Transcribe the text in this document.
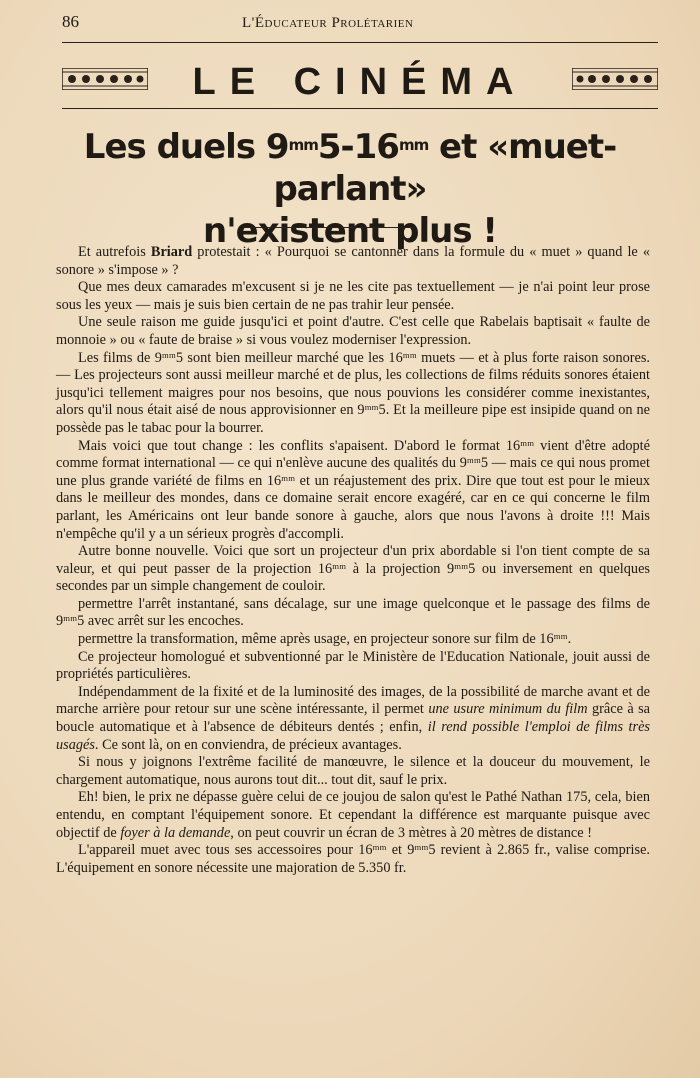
86	L'Éducateur Prolétarien
LE CINÉMA
Les duels $9^{mm}5-16^{mm}$ et «muet-parlant»
n'existent plus !

Et autrefois Briard protestait : « Pourquoi se cantonner dans la formule du « muet » quand le « sonore » s'impose » ?

Que mes deux camarades m'excusent si je ne les cite pas textuellement — je n'ai point leur prose sous les yeux — mais je suis bien certain de ne pas trahir leur pensée.

Une seule raison me guide jusqu'ici et point d'autre. C'est celle que Rabelais baptisait « faulte de monnoie » ou « faute de braise » si vous voulez moderniser l'expression.

Les films de 9ᵐᵐ5 sont bien meilleur marché que les 16ᵐᵐ muets — et à plus forte raison sonores. — Les projecteurs sont aussi meilleur marché et de plus, les collections de films réduits sonores étaient jusqu'ici tellement maigres pour nos besoins, que nous pouvions les considérer comme inexistantes, alors qu'il nous était aisé de nous approvisionner en 9ᵐᵐ5. Et la meilleure pipe est insipide quand on ne possède pas le tabac pour la bourrer.

Mais voici que tout change : les conflits s'apaisent. D'abord le format 16ᵐᵐ vient d'être adopté comme format international — ce qui n'enlève aucune des qualités du 9ᵐᵐ5 — mais ce qui nous promet une plus grande variété de films en 16ᵐᵐ et un réajustement des prix. Dire que tout est pour le mieux dans le meilleur des mondes, dans ce domaine serait encore exagéré, car en ce qui concerne le film parlant, les Américains ont leur bande sonore à gauche, alors que nous l'avons à droite !!! Mais n'empêche qu'il y a un sérieux progrès d'accompli.

Autre bonne nouvelle. Voici que sort un projecteur d'un prix abordable si l'on tient compte de sa valeur, et qui peut passer de la projection 16ᵐᵐ à la projection 9ᵐᵐ5 ou inversement en quelques secondes par un simple changement de couloir.

permettre l'arrêt instantané, sans décalage, sur une image quelconque et le passage des films de 9ᵐᵐ5 avec arrêt sur les encoches.

permettre la transformation, même après usage, en projecteur sonore sur film de 16ᵐᵐ.

Ce projecteur homologué et subventionné par le Ministère de l'Education Nationale, jouit aussi de propriétés particulières.

Indépendamment de la fixité et de la luminosité des images, de la possibilité de marche avant et de marche arrière pour retour sur une scène intéressante, il permet une usure minimum du film grâce à sa boucle automatique et à l'absence de débiteurs dentés ; enfin, il rend possible l'emploi de films très usagés. Ce sont là, on en conviendra, de précieux avantages.

Si nous y joignons l'extrême facilité de manœuvre, le silence et la douceur du mouvement, le chargement automatique, nous aurons tout dit... tout dit, sauf le prix.

Eh! bien, le prix ne dépasse guère celui de ce joujou de salon qu'est le Pathé Nathan 175, cela, bien entendu, en comptant l'équipement sonore. Et cependant la différence est marquante puisque avec objectif de foyer à la demande, on peut couvrir un écran de 3 mètres à 20 mètres de distance !

L'appareil muet avec tous ses accessoires pour 16ᵐᵐ et 9ᵐᵐ5 revient à 2.865 fr., valise comprise. L'équipement en sonore nécessite une majoration de 5.350 fr.
